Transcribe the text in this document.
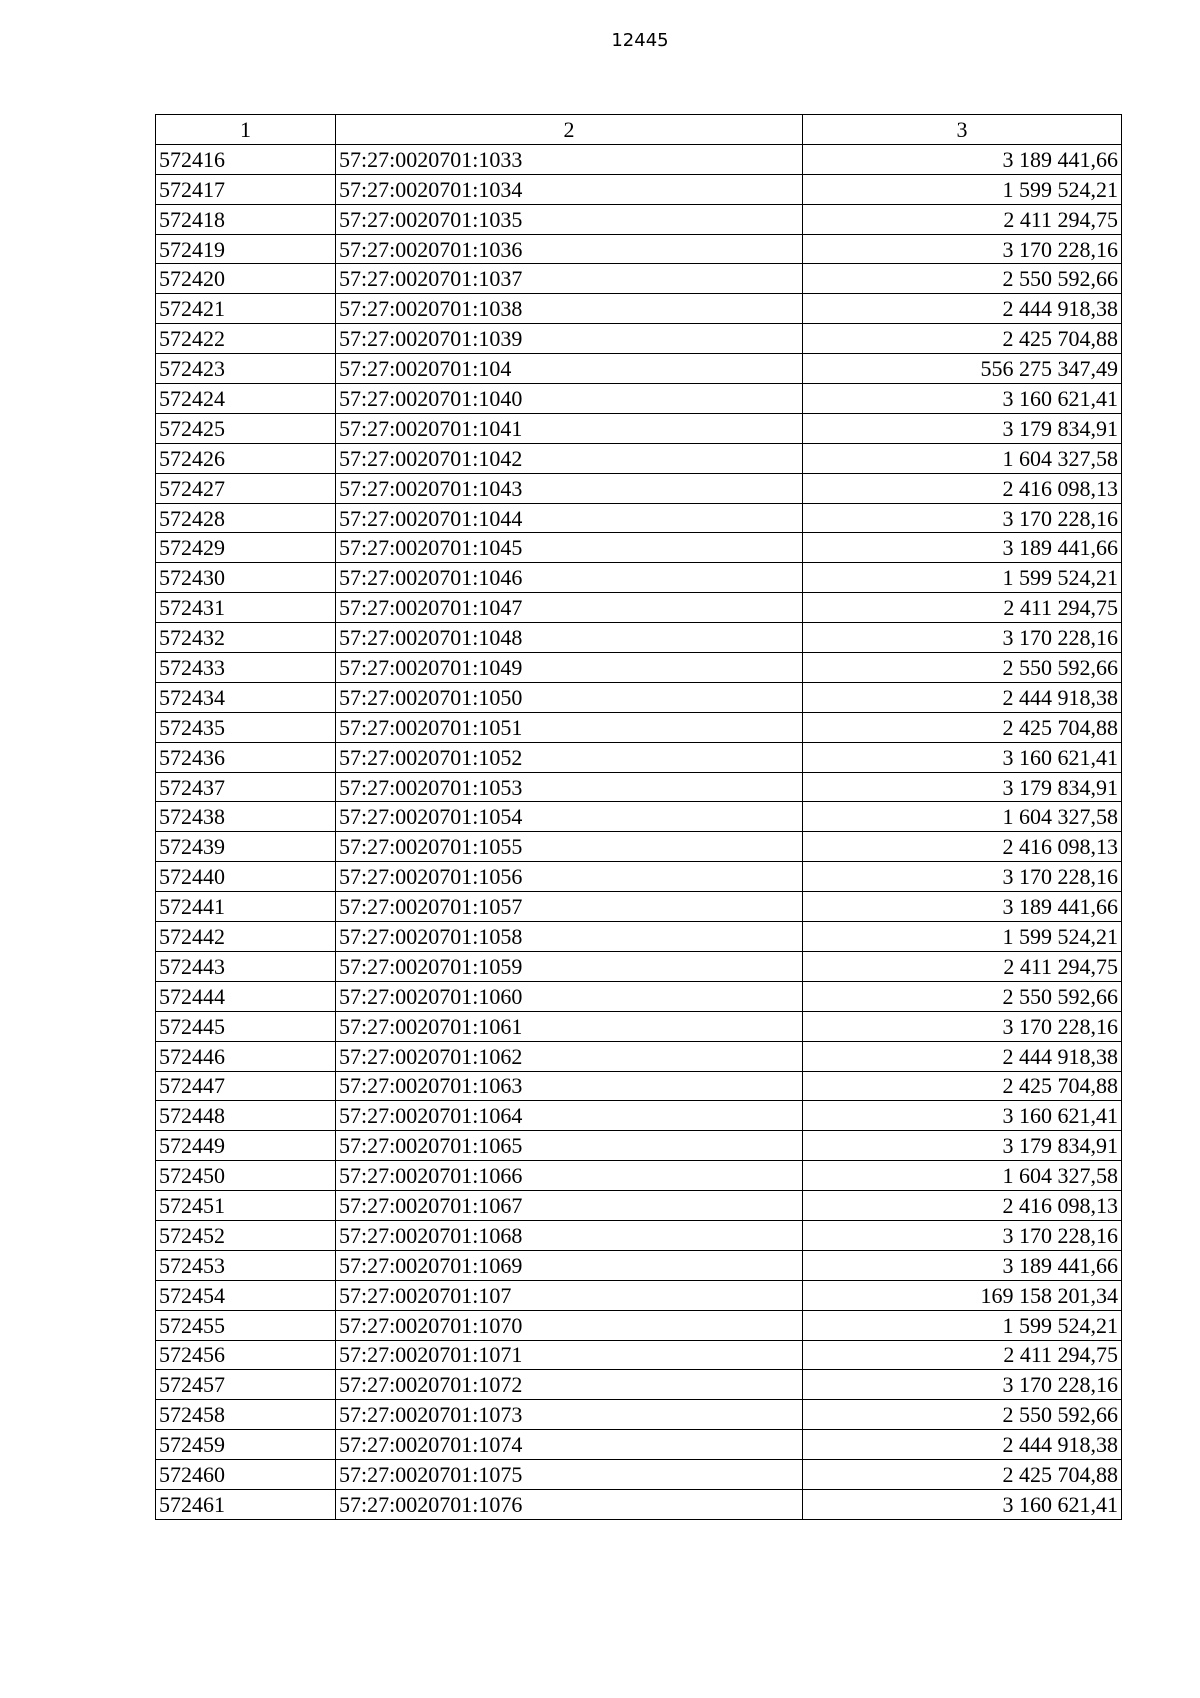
12445
1	2	3
572416	57:27:0020701:1033	3 189 441,66
572417	57:27:0020701:1034	1 599 524,21
572418	57:27:0020701:1035	2 411 294,75
572419	57:27:0020701:1036	3 170 228,16
572420	57:27:0020701:1037	2 550 592,66
572421	57:27:0020701:1038	2 444 918,38
572422	57:27:0020701:1039	2 425 704,88
572423	57:27:0020701:104	556 275 347,49
572424	57:27:0020701:1040	3 160 621,41
572425	57:27:0020701:1041	3 179 834,91
572426	57:27:0020701:1042	1 604 327,58
572427	57:27:0020701:1043	2 416 098,13
572428	57:27:0020701:1044	3 170 228,16
572429	57:27:0020701:1045	3 189 441,66
572430	57:27:0020701:1046	1 599 524,21
572431	57:27:0020701:1047	2 411 294,75
572432	57:27:0020701:1048	3 170 228,16
572433	57:27:0020701:1049	2 550 592,66
572434	57:27:0020701:1050	2 444 918,38
572435	57:27:0020701:1051	2 425 704,88
572436	57:27:0020701:1052	3 160 621,41
572437	57:27:0020701:1053	3 179 834,91
572438	57:27:0020701:1054	1 604 327,58
572439	57:27:0020701:1055	2 416 098,13
572440	57:27:0020701:1056	3 170 228,16
572441	57:27:0020701:1057	3 189 441,66
572442	57:27:0020701:1058	1 599 524,21
572443	57:27:0020701:1059	2 411 294,75
572444	57:27:0020701:1060	2 550 592,66
572445	57:27:0020701:1061	3 170 228,16
572446	57:27:0020701:1062	2 444 918,38
572447	57:27:0020701:1063	2 425 704,88
572448	57:27:0020701:1064	3 160 621,41
572449	57:27:0020701:1065	3 179 834,91
572450	57:27:0020701:1066	1 604 327,58
572451	57:27:0020701:1067	2 416 098,13
572452	57:27:0020701:1068	3 170 228,16
572453	57:27:0020701:1069	3 189 441,66
572454	57:27:0020701:107	169 158 201,34
572455	57:27:0020701:1070	1 599 524,21
572456	57:27:0020701:1071	2 411 294,75
572457	57:27:0020701:1072	3 170 228,16
572458	57:27:0020701:1073	2 550 592,66
572459	57:27:0020701:1074	2 444 918,38
572460	57:27:0020701:1075	2 425 704,88
572461	57:27:0020701:1076	3 160 621,41
